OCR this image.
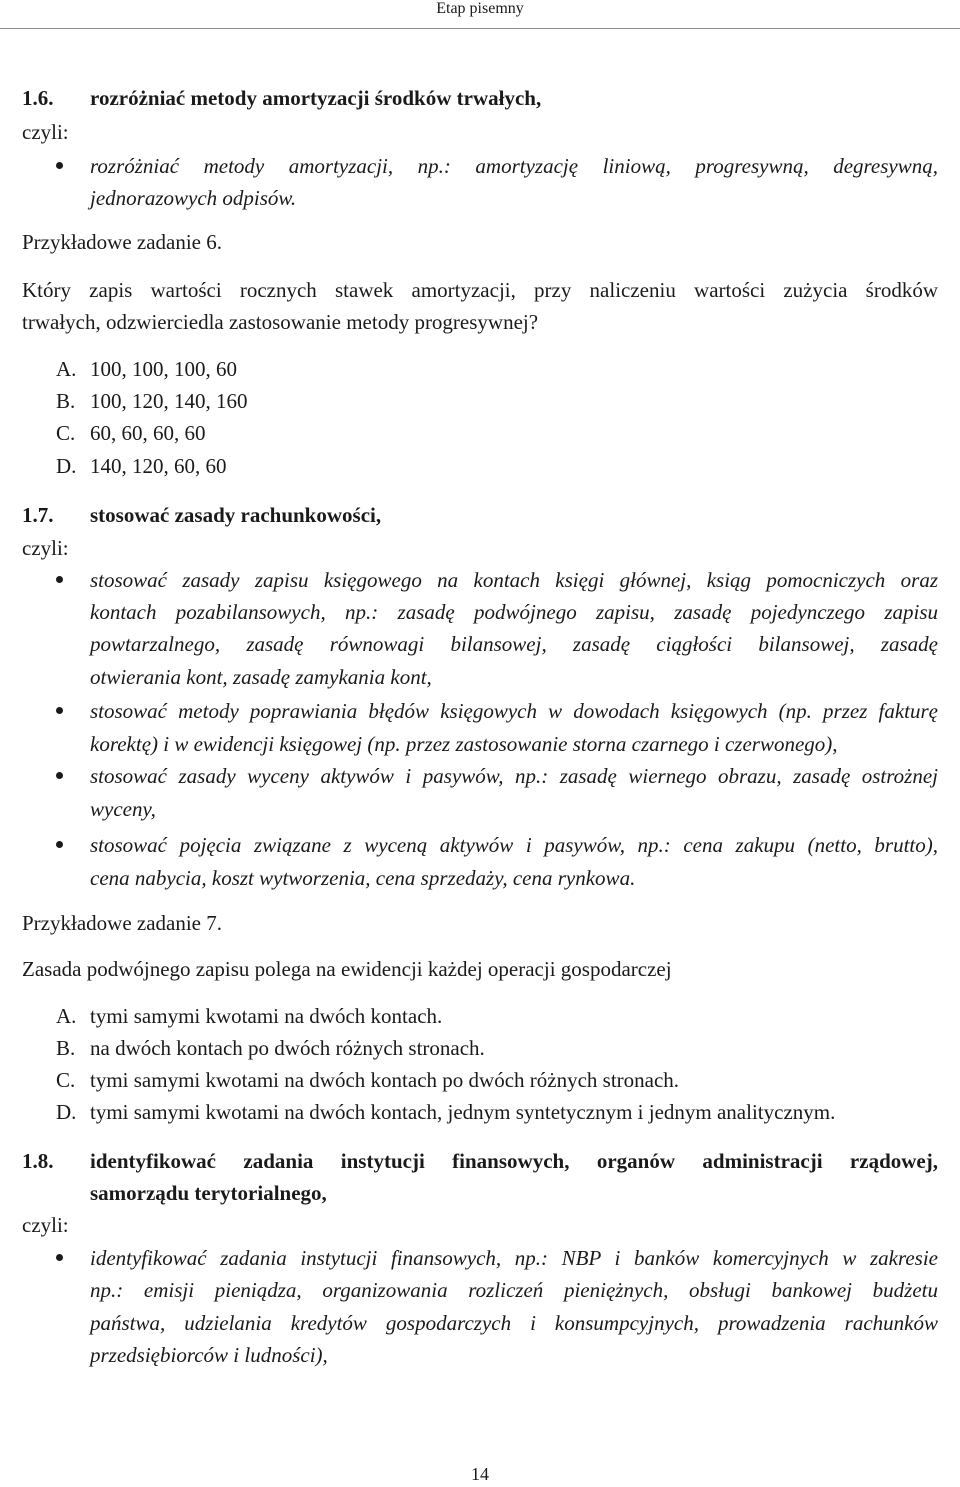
Etap pisemny
1.6. rozróżniać metody amortyzacji środków trwałych,
czyli:
rozróżniać metody amortyzacji, np.: amortyzację liniową, progresywną, degresywną,
jednorazowych odpisów.
Przykładowe zadanie 6.
Który zapis wartości rocznych stawek amortyzacji, przy naliczeniu wartości zużycia środków
trwałych, odzwierciedla zastosowanie metody progresywnej?
A. 100, 100, 100, 60
B. 100, 120, 140, 160
C. 60, 60, 60, 60
D. 140, 120, 60, 60
1.7. stosować zasady rachunkowości,
czyli:
stosować zasady zapisu księgowego na kontach księgi głównej, ksiąg pomocniczych oraz
kontach pozabilansowych, np.: zasadę podwójnego zapisu, zasadę pojedynczego zapisu
powtarzalnego, zasadę równowagi bilansowej, zasadę ciągłości bilansowej, zasadę
otwierania kont, zasadę zamykania kont,
stosować metody poprawiania błędów księgowych w dowodach księgowych (np. przez fakturę
korektę) i w ewidencji księgowej (np. przez zastosowanie storna czarnego i czerwonego),
stosować zasady wyceny aktywów i pasywów, np.: zasadę wiernego obrazu, zasadę ostrożnej
wyceny,
stosować pojęcia związane z wyceną aktywów i pasywów, np.: cena zakupu (netto, brutto),
cena nabycia, koszt wytworzenia, cena sprzedaży, cena rynkowa.
Przykładowe zadanie 7.
Zasada podwójnego zapisu polega na ewidencji każdej operacji gospodarczej
A. tymi samymi kwotami na dwóch kontach.
B. na dwóch kontach po dwóch różnych stronach.
C. tymi samymi kwotami na dwóch kontach po dwóch różnych stronach.
D. tymi samymi kwotami na dwóch kontach, jednym syntetycznym i jednym analitycznym.
1.8. identyfikować zadania instytucji finansowych, organów administracji rządowej,
samorządu terytorialnego,
czyli:
identyfikować zadania instytucji finansowych, np.: NBP i banków komercyjnych w zakresie
np.: emisji pieniądza, organizowania rozliczeń pieniężnych, obsługi bankowej budżetu
państwa, udzielania kredytów gospodarczych i konsumpcyjnych, prowadzenia rachunków
przedsiębiorców i ludności),
14
